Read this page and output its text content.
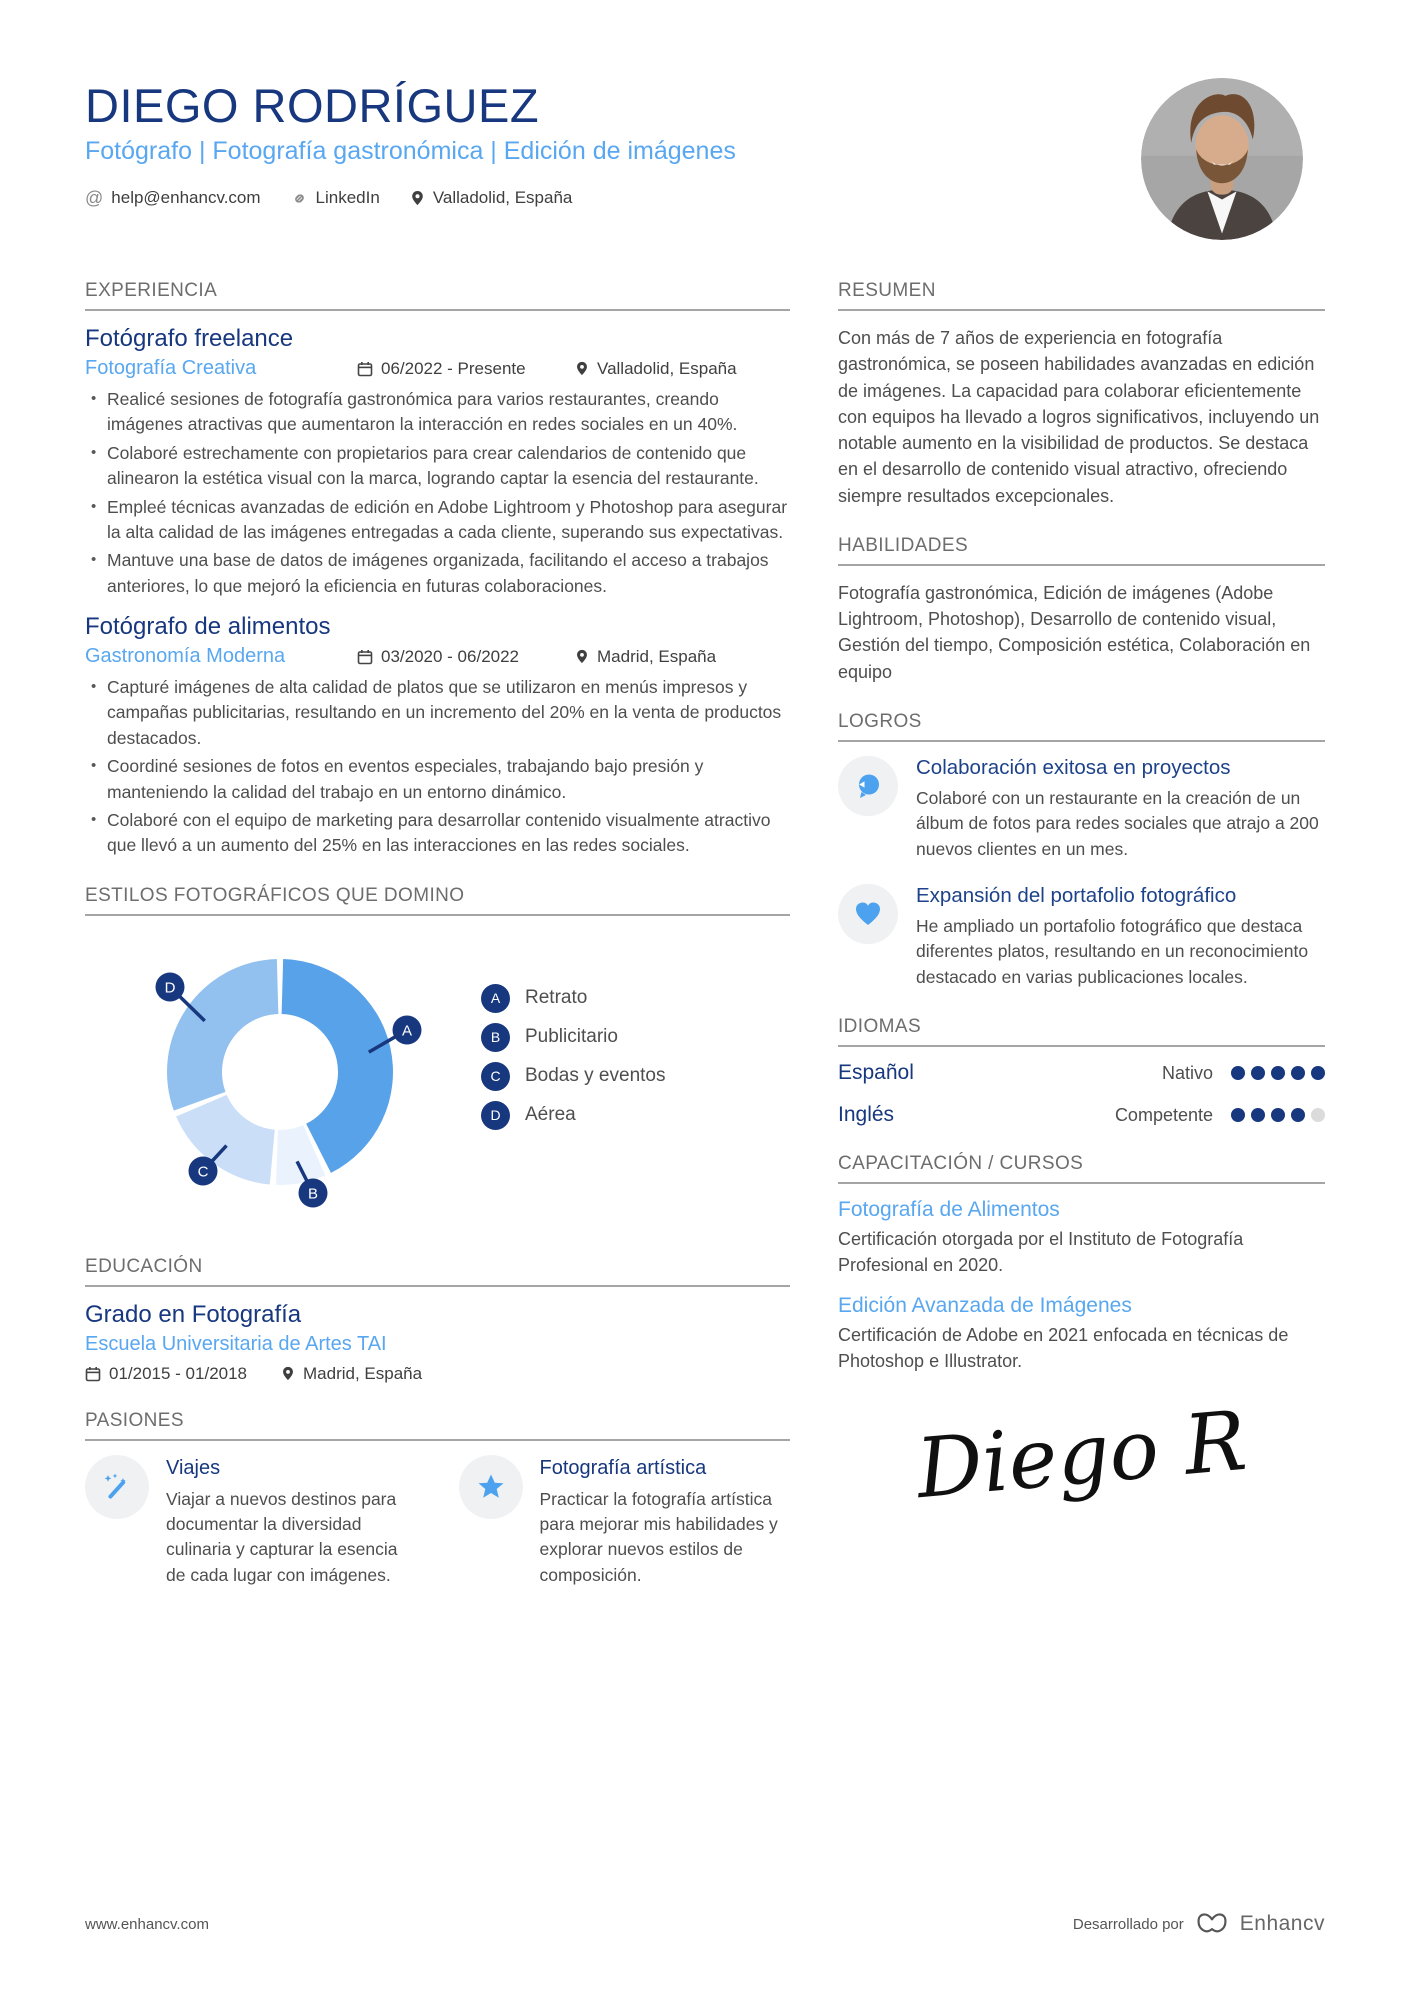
DIEGO RODRÍGUEZ
Fotógrafo | Fotografía gastronómica | Edición de imágenes
@ help@enhancv.com	LinkedIn	Valladolid, España
EXPERIENCIA
Fotógrafo freelance
Fotografía Creativa	06/2022 - Presente	Valladolid, España
• Realicé sesiones de fotografía gastronómica para varios restaurantes, creando imágenes atractivas que aumentaron la interacción en redes sociales en un 40%.
• Colaboré estrechamente con propietarios para crear calendarios de contenido que alinearon la estética visual con la marca, logrando captar la esencia del restaurante.
• Empleé técnicas avanzadas de edición en Adobe Lightroom y Photoshop para asegurar la alta calidad de las imágenes entregadas a cada cliente, superando sus expectativas.
• Mantuve una base de datos de imágenes organizada, facilitando el acceso a trabajos anteriores, lo que mejoró la eficiencia en futuras colaboraciones.
Fotógrafo de alimentos
Gastronomía Moderna	03/2020 - 06/2022	Madrid, España
• Capturé imágenes de alta calidad de platos que se utilizaron en menús impresos y campañas publicitarias, resultando en un incremento del 20% en la venta de productos destacados.
• Coordiné sesiones de fotos en eventos especiales, trabajando bajo presión y manteniendo la calidad del trabajo en un entorno dinámico.
• Colaboré con el equipo de marketing para desarrollar contenido visualmente atractivo que llevó a un aumento del 25% en las interacciones en las redes sociales.
ESTILOS FOTOGRÁFICOS QUE DOMINO
A
B
C
D
A	Retrato
B	Publicitario
C	Bodas y eventos
D	Aérea
EDUCACIÓN
Grado en Fotografía
Escuela Universitaria de Artes TAI
01/2015 - 01/2018	Madrid, España
PASIONES
Viajes
Viajar a nuevos destinos para documentar la diversidad culinaria y capturar la esencia de cada lugar con imágenes.
Fotografía artística
Practicar la fotografía artística para mejorar mis habilidades y explorar nuevos estilos de composición.
RESUMEN

Con más de 7 años de experiencia en fotografía gastronómica, se poseen habilidades avanzadas en edición de imágenes. La capacidad para colaborar eficientemente con equipos ha llevado a logros significativos, incluyendo un notable aumento en la visibilidad de productos. Se destaca en el desarrollo de contenido visual atractivo, ofreciendo siempre resultados excepcionales.

HABILIDADES

Fotografía gastronómica, Edición de imágenes (Adobe Lightroom, Photoshop), Desarrollo de contenido visual, Gestión del tiempo, Composición estética, Colaboración en equipo

LOGROS
Colaboración exitosa en proyectos

Colaboré con un restaurante en la creación de un álbum de fotos para redes sociales que atrajo a 200 nuevos clientes en un mes.

Expansión del portafolio fotográfico

He ampliado un portafolio fotográfico que destaca diferentes platos, resultando en un reconocimiento destacado en varias publicaciones locales.

IDIOMAS
Español	Nativo
Inglés	Competente
CAPACITACIÓN / CURSOS
Fotografía de Alimentos

Certificación otorgada por el Instituto de Fotografía Profesional en 2020.

Edición Avanzada de Imágenes

Certificación de Adobe en 2021 enfocada en técnicas de Photoshop e Illustrator.

Diego R
www.enhancv.com	Desarrollado por	Enhancv
